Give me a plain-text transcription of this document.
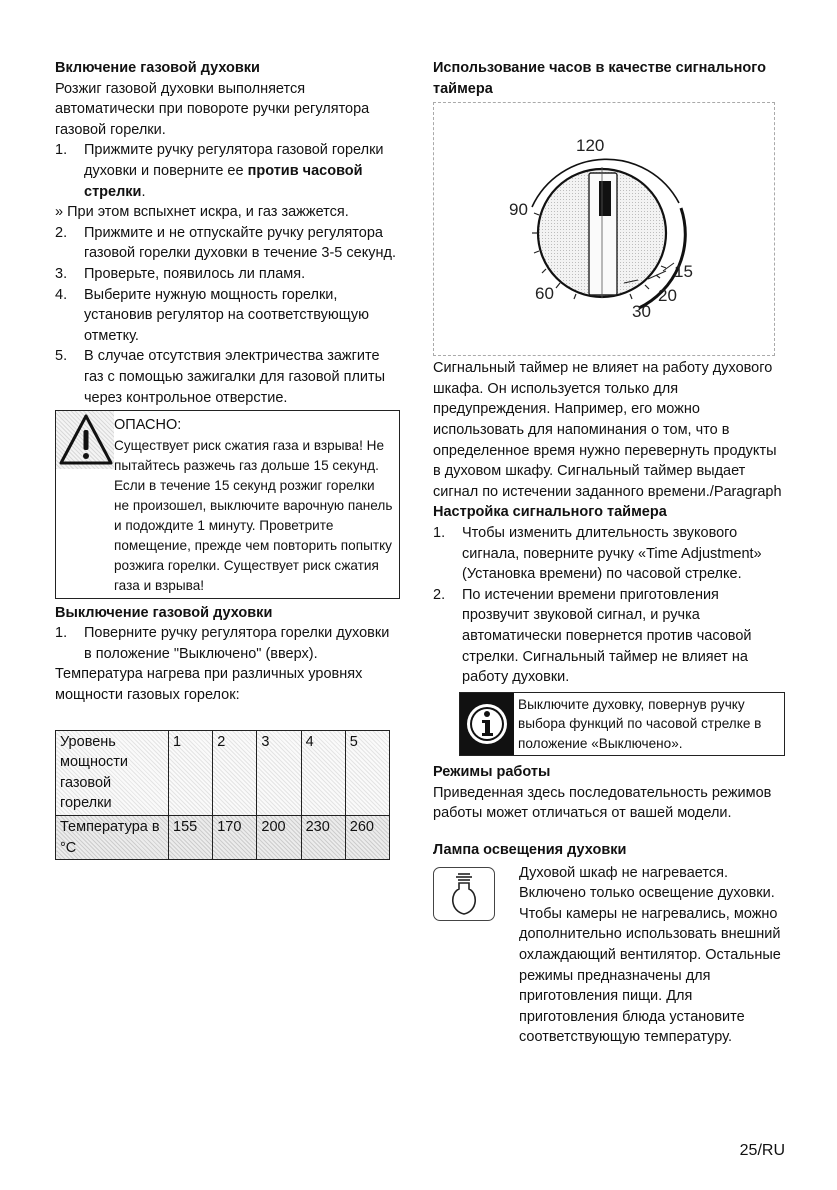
Включение газовой духовки

Розжиг газовой духовки выполняется автоматически при повороте ручки регулятора газовой горелки.

1. Прижмите ручку регулятора газовой горелки духовки и поверните ее против часовой стрелки.

» При этом вспыхнет искра, и газ зажжется.

2. Прижмите и не отпускайте ручку регулятора газовой горелки духовки в течение 3-5 секунд.
3. Проверьте, появилось ли пламя.
4. Выберите нужную мощность горелки, установив регулятор на соответствующую отметку.
5. В случае отсутствия электричества зажгите газ с помощью зажигалки для газовой плиты через контрольное отверстие.
ОПАСНО:
Существует риск сжатия газа и взрыва! Не пытайтесь разжечь газ дольше 15 секунд. Если в течение 15 секунд розжиг горелки не произошел, выключите варочную панель и подождите 1 минуту. Проветрите помещение, прежде чем повторить попытку розжига горелки. Существует риск сжатия газа и взрыва!
Выключение газовой духовки
1. Поверните ручку регулятора горелки духовки в положение "Выключено" (вверх).

Температура нагрева при различных уровнях мощности газовых горелок:

Уровень мощности газовой горелки	1	2	3	4	5
Температура в °C	155	170	200	230	260
Использование часов в качестве сигнального таймера
120
90
60
30
20
15

Сигнальный таймер не влияет на работу духового шкафа. Он используется только для предупреждения. Например, его можно использовать для напоминания о том, что в определенное время нужно перевернуть продукты в духовом шкафу. Сигнальный таймер выдает сигнал по истечении заданного времени./Paragraph

Настройка сигнального таймера
1. Чтобы изменить длительность звукового сигнала, поверните ручку «Time Adjustment» (Установка времени) по часовой стрелке.
2. По истечении времени приготовления прозвучит звуковой сигнал, и ручка автоматически повернется против часовой стрелки. Сигнальный таймер не влияет на работу духовки.
Выключите духовку, повернув ручку выбора функций по часовой стрелке в положение «Выключено».
Режимы работы

Приведенная здесь последовательность режимов работы может отличаться от вашей модели.

Лампа освещения духовки

Духовой шкаф не нагревается. Включено только освещение духовки. Чтобы камеры не нагревались, можно дополнительно использовать внешний охлаждающий вентилятор. Остальные режимы предназначены для приготовления пищи. Для приготовления блюда установите соответствующую температуру.

25/RU
